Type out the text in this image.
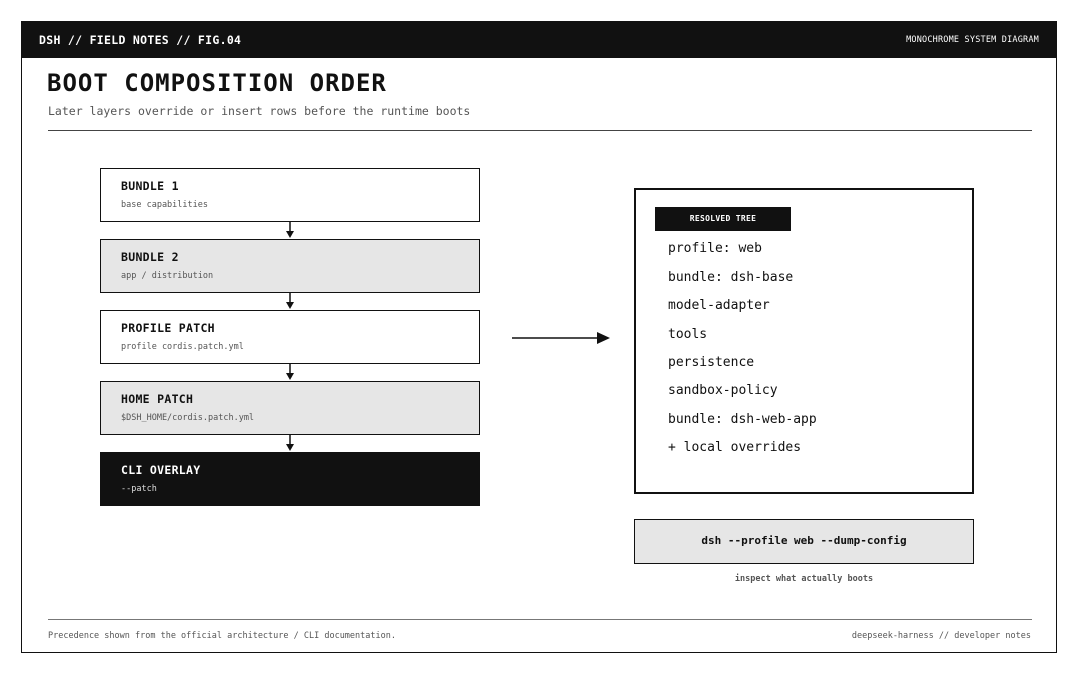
DSH // FIELD NOTES // FIG.04	MONOCHROME SYSTEM DIAGRAM
BOOT COMPOSITION ORDER
Later layers override or insert rows before the runtime boots
BUNDLE 1
base capabilities
BUNDLE 2
app / distribution
PROFILE PATCH
profile cordis.patch.yml
HOME PATCH
$DSH_HOME/cordis.patch.yml
CLI OVERLAY
--patch
RESOLVED TREE
profile: web
bundle: dsh-base
model-adapter
tools
persistence
sandbox-policy
bundle: dsh-web-app
+ local overrides
dsh --profile web --dump-config
inspect what actually boots
Precedence shown from the official architecture / CLI documentation.	deepseek-harness // developer notes
